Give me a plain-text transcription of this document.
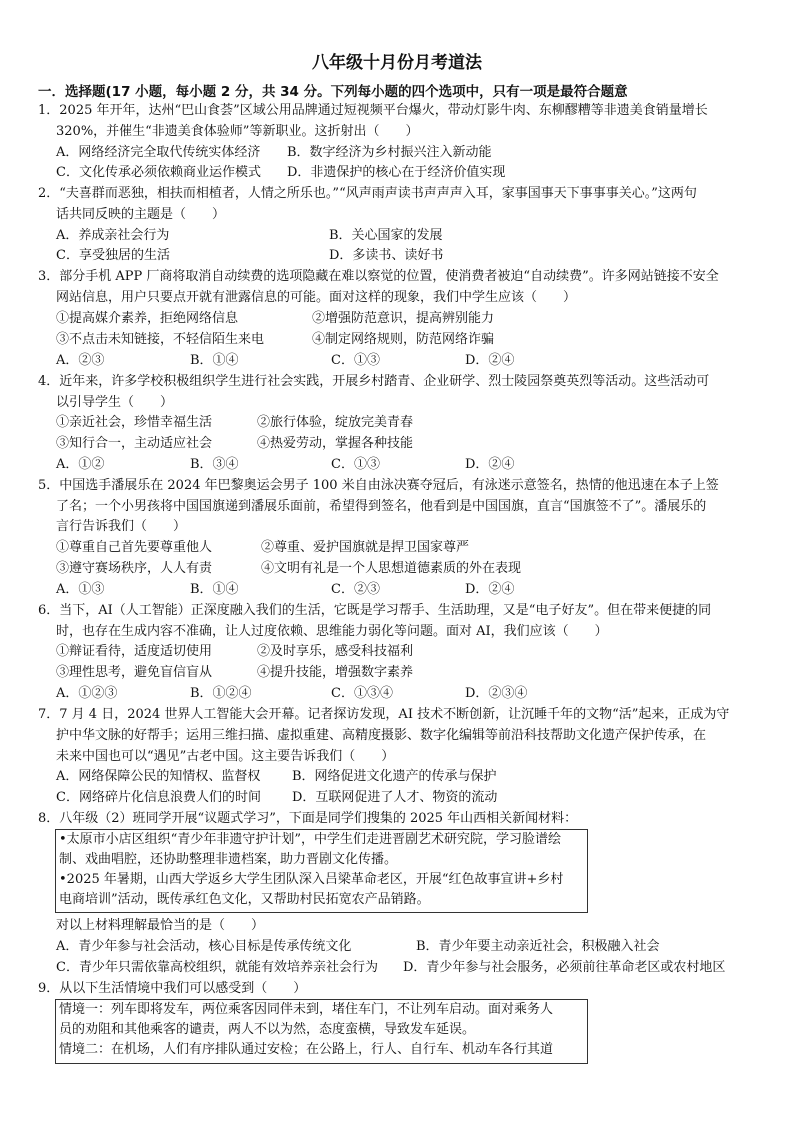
八年级十月份月考道法
一．选择题(17 小题，每小题 2 分，共 34 分。下列每小题的四个选项中，只有一项是最符合题意
1．2025 年开年，达州“巴山食荟”区域公用品牌通过短视频平台爆火，带动灯影牛肉、东柳醪糟等非遗美食销量增长
320%，并催生“非遗美食体验师”等新职业。这折射出（　　）
A．网络经济完全取代传统实体经济 B．数字经济为乡村振兴注入新动能
C．文化传承必须依赖商业运作模式 D．非遗保护的核心在于经济价值实现
2．“夫喜群而恶独，相扶而相植者，人情之所乐也。”“风声雨声读书声声声入耳，家事国事天下事事事关心。”这两句
话共同反映的主题是（　　）
A．养成亲社会行为	B．关心国家的发展
C．享受独居的生活	D．多读书、读好书
3．部分手机 APP 厂商将取消自动续费的选项隐藏在难以察觉的位置，使消费者被迫“自动续费”。许多网站链接不安全
网站信息，用户只要点开就有泄露信息的可能。面对这样的现象，我们中学生应该（　　）
①提高媒介素养，拒绝网络信息	②增强防范意识，提高辨别能力
③不点击未知链接，不轻信陌生来电	④制定网络规则，防范网络诈骗
A．②③	B．①④	C．①③	D．②④
4．近年来，许多学校积极组织学生进行社会实践，开展乡村踏青、企业研学、烈士陵园祭奠英烈等活动。这些活动可
以引导学生（　　）
①亲近社会，珍惜幸福生活	②旅行体验，绽放完美青春
③知行合一，主动适应社会	④热爱劳动，掌握各种技能
A．①②	B．③④	C．①③	D．②④
5．中国选手潘展乐在 2024 年巴黎奥运会男子 100 米自由泳决赛夺冠后，有泳迷示意签名，热情的他迅速在本子上签
了名；一个小男孩将中国国旗递到潘展乐面前，希望得到签名，他看到是中国国旗，直言“国旗签不了”。潘展乐的
言行告诉我们（　　）
①尊重自己首先要尊重他人	②尊重、爱护国旗就是捍卫国家尊严
③遵守赛场秩序，人人有责	④文明有礼是一个人思想道德素质的外在表现
A．①③	B．①④	C．②③	D．②④
6．当下，AI（人工智能）正深度融入我们的生活，它既是学习帮手、生活助理，又是“电子好友”。但在带来便捷的同
时，也存在生成内容不准确，让人过度依赖、思维能力弱化等问题。面对 AI，我们应该（　　）
①辩证看待，适度适切使用	②及时享乐，感受科技福利
③理性思考，避免盲信盲从	④提升技能，增强数字素养
A．①②③	B．①②④	C．①③④	D．②③④
7．7 月 4 日，2024 世界人工智能大会开幕。记者探访发现，AI 技术不断创新，让沉睡千年的文物“活”起来，正成为守
护中华文脉的好帮手；运用三维扫描、虚拟重建、高精度摄影、数字化编辑等前沿科技帮助文化遗产保护传承，在
未来中国也可以“遇见”古老中国。这主要告诉我们（　　）
A．网络保障公民的知情权、监督权 B．网络促进文化遗产的传承与保护
C．网络碎片化信息浪费人们的时间 D．互联网促进了人才、物资的流动
8．八年级（2）班同学开展“议题式学习”，下面是同学们搜集的 2025 年山西相关新闻材料：
•太原市小店区组织“青少年非遗守护计划”，中学生们走进晋剧艺术研究院，学习脸谱绘
制、戏曲唱腔，还协助整理非遗档案，助力晋剧文化传播。
•2025 年暑期，山西大学返乡大学生团队深入吕梁革命老区，开展“红色故事宣讲+乡村
电商培训”活动，既传承红色文化，又帮助村民拓宽农产品销路。
对以上材料理解最恰当的是（　　）
A．青少年参与社会活动，核心目标是传承传统文化	B．青少年要主动亲近社会，积极融入社会
C．青少年只需依靠高校组织，就能有效培养亲社会行为 D．青少年参与社会服务，必须前往革命老区或农村地区
9．从以下生活情境中我们可以感受到（　　）
情境一：列车即将发车，两位乘客因同伴未到，堵住车门，不让列车启动。面对乘务人
员的劝阻和其他乘客的谴责，两人不以为然，态度蛮横，导致发车延误。
情境二：在机场，人们有序排队通过安检；在公路上，行人、自行车、机动车各行其道
